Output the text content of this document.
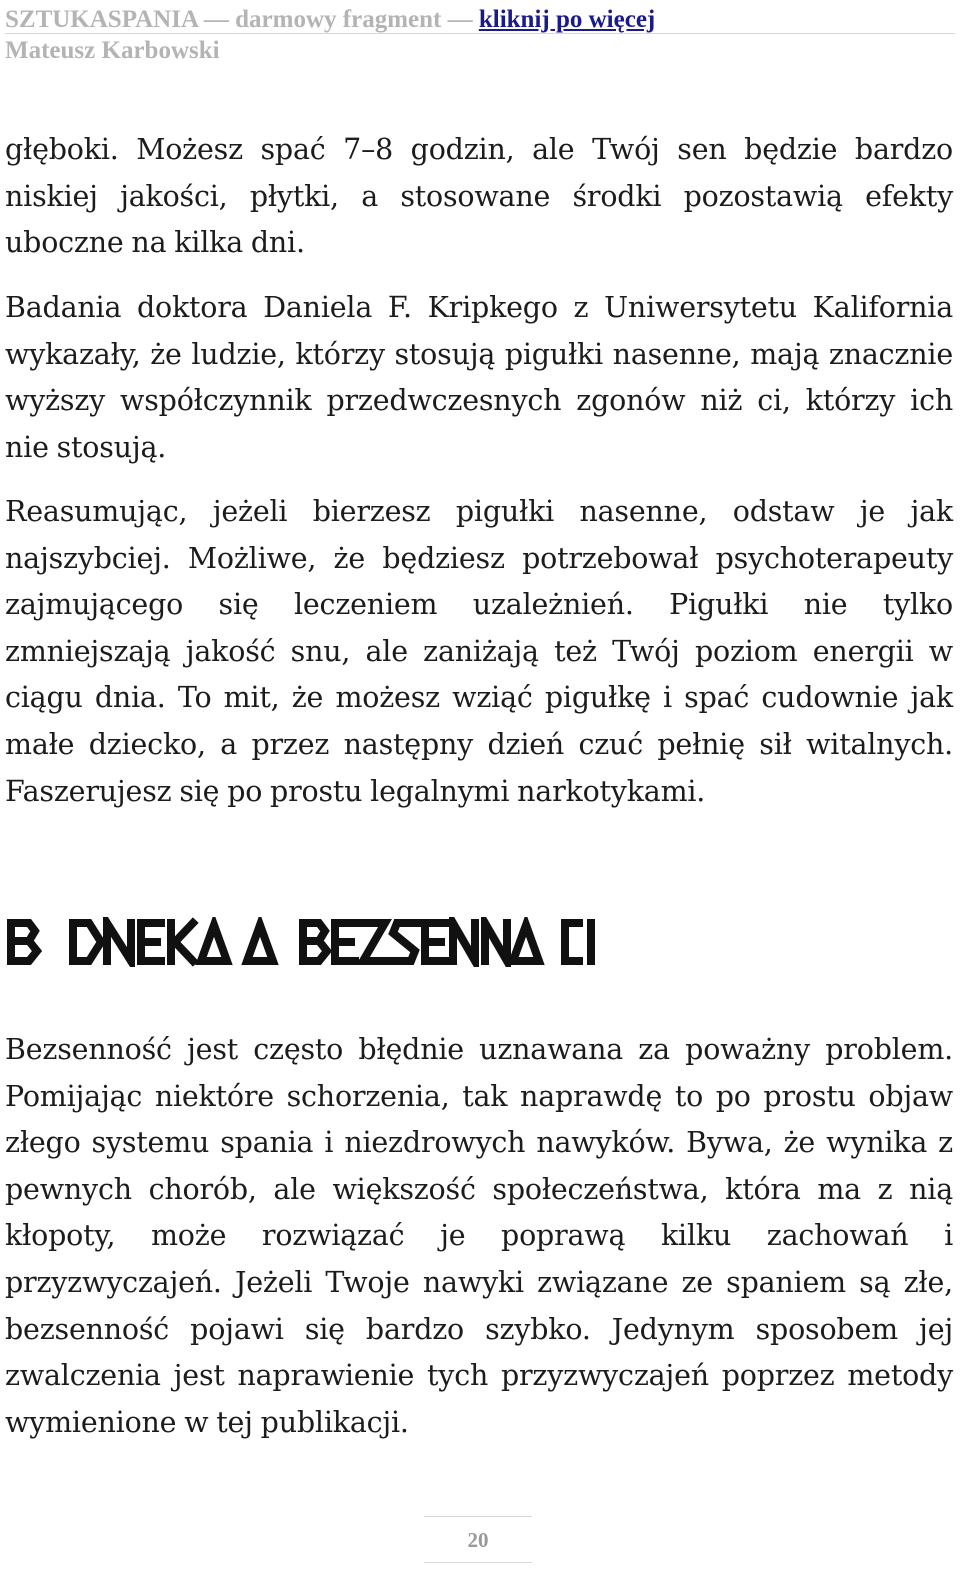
SZTUKASPANIA — darmowy fragment — kliknij po więcej
Mateusz Karbowski

głęboki. Możesz spać 7–8 godzin, ale Twój sen będzie bardzo niskiej jakości, płytki, a stosowane środki pozostawią efekty uboczne na kilka dni.

Badania doktora Daniela F. Kripkego z Uniwersytetu Kalifornia wykazały, że ludzie, którzy stosują pigułki nasenne, mają znacznie wyższy współczynnik przedwczesnych zgonów niż ci, którzy ich nie stosują.

Reasumując, jeżeli bierzesz pigułki nasenne, odstaw je jak najszybciej. Możliwe, że będziesz potrzebował psychoterapeuty zajmującego się leczeniem uzależnień. Pigułki nie tylko zmniejszają jakość snu, ale zaniżają też Twój poziom energii w ciągu dnia. To mit, że możesz wziąć pigułkę i spać cudownie jak małe dziecko, a przez następny dzień czuć pełnię sił witalnych. Faszerujesz się po prostu legalnymi narkotykami.

Bezsenność jest często błędnie uznawana za poważny problem. Pomijając niektóre schorzenia, tak naprawdę to po prostu objaw złego systemu spania i niezdrowych nawyków. Bywa, że wynika z pewnych chorób, ale większość społeczeństwa, która ma z nią kłopoty, może rozwiązać je poprawą kilku zachowań i przyzwyczajeń. Jeżeli Twoje nawyki związane ze spaniem są złe, bezsenność pojawi się bardzo szybko. Jedynym sposobem jej zwalczenia jest naprawienie tych przyzwyczajeń poprzez metody wymienione w tej publikacji.

20
